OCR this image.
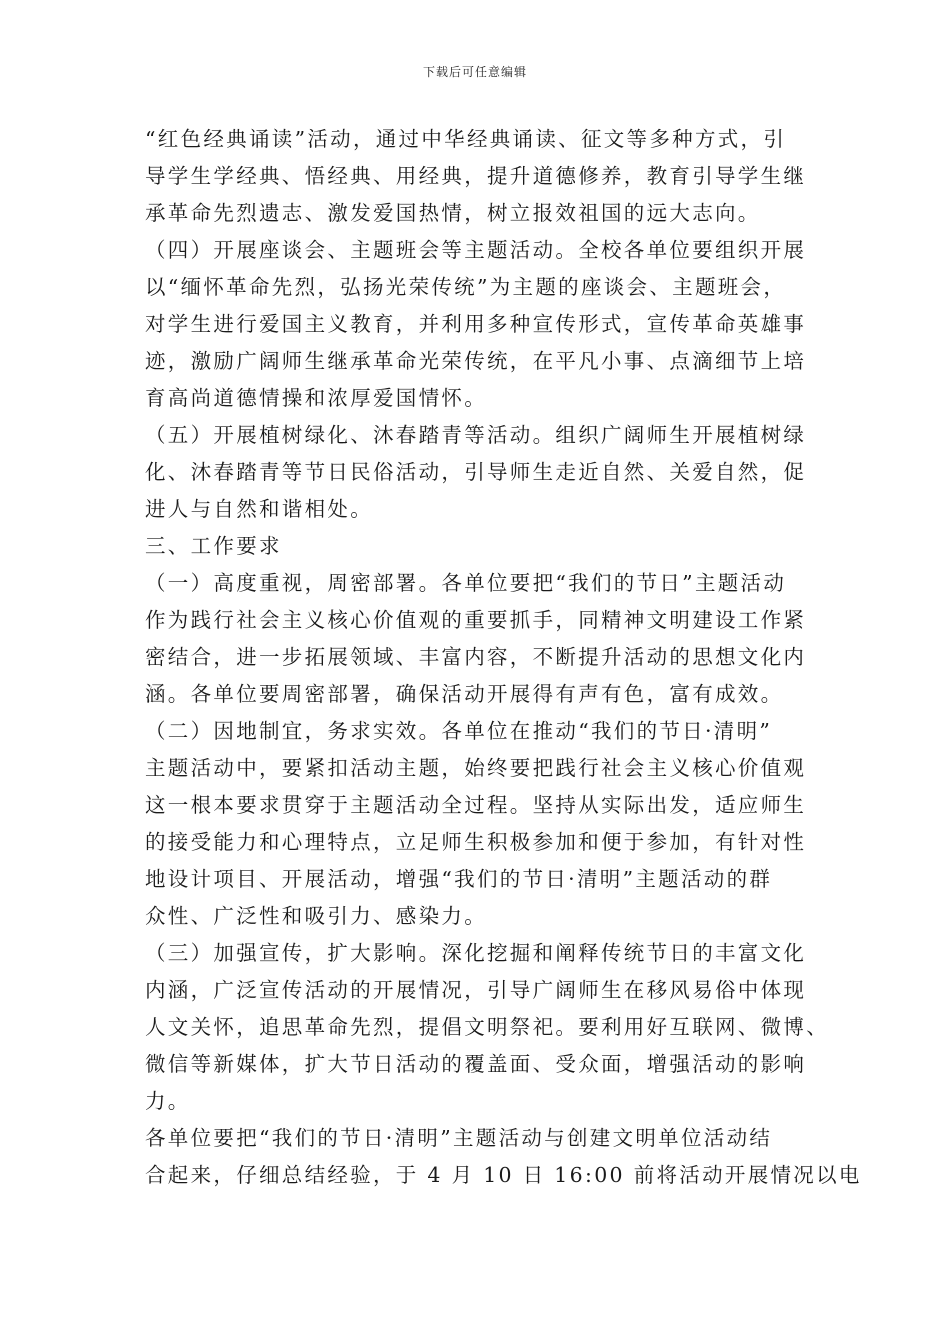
下载后可任意编辑
“红色经典诵读”活动，通过中华经典诵读、征文等多种方式，引
导学生学经典、悟经典、用经典，提升道德修养，教育引导学生继
承革命先烈遗志、激发爱国热情，树立报效祖国的远大志向。
（四）开展座谈会、主题班会等主题活动。全校各单位要组织开展
以“缅怀革命先烈，弘扬光荣传统”为主题的座谈会、主题班会，
对学生进行爱国主义教育，并利用多种宣传形式，宣传革命英雄事
迹，激励广阔师生继承革命光荣传统，在平凡小事、点滴细节上培
育高尚道德情操和浓厚爱国情怀。
（五）开展植树绿化、沐春踏青等活动。组织广阔师生开展植树绿
化、沐春踏青等节日民俗活动，引导师生走近自然、关爱自然，促
进人与自然和谐相处。
三、工作要求
（一）高度重视，周密部署。各单位要把“我们的节日”主题活动
作为践行社会主义核心价值观的重要抓手，同精神文明建设工作紧
密结合，进一步拓展领域、丰富内容，不断提升活动的思想文化内
涵。各单位要周密部署，确保活动开展得有声有色，富有成效。
（二）因地制宜，务求实效。各单位在推动“我们的节日·清明”
主题活动中，要紧扣活动主题，始终要把践行社会主义核心价值观
这一根本要求贯穿于主题活动全过程。坚持从实际出发，适应师生
的接受能力和心理特点，立足师生积极参加和便于参加，有针对性
地设计项目、开展活动，增强“我们的节日·清明”主题活动的群
众性、广泛性和吸引力、感染力。
（三）加强宣传，扩大影响。深化挖掘和阐释传统节日的丰富文化
内涵，广泛宣传活动的开展情况，引导广阔师生在移风易俗中体现
人文关怀，追思革命先烈，提倡文明祭祀。要利用好互联网、微博、
微信等新媒体，扩大节日活动的覆盖面、受众面，增强活动的影响
力。
各单位要把“我们的节日·清明”主题活动与创建文明单位活动结
合起来，仔细总结经验，于 4 月 10 日 16:00 前将活动开展情况以电
